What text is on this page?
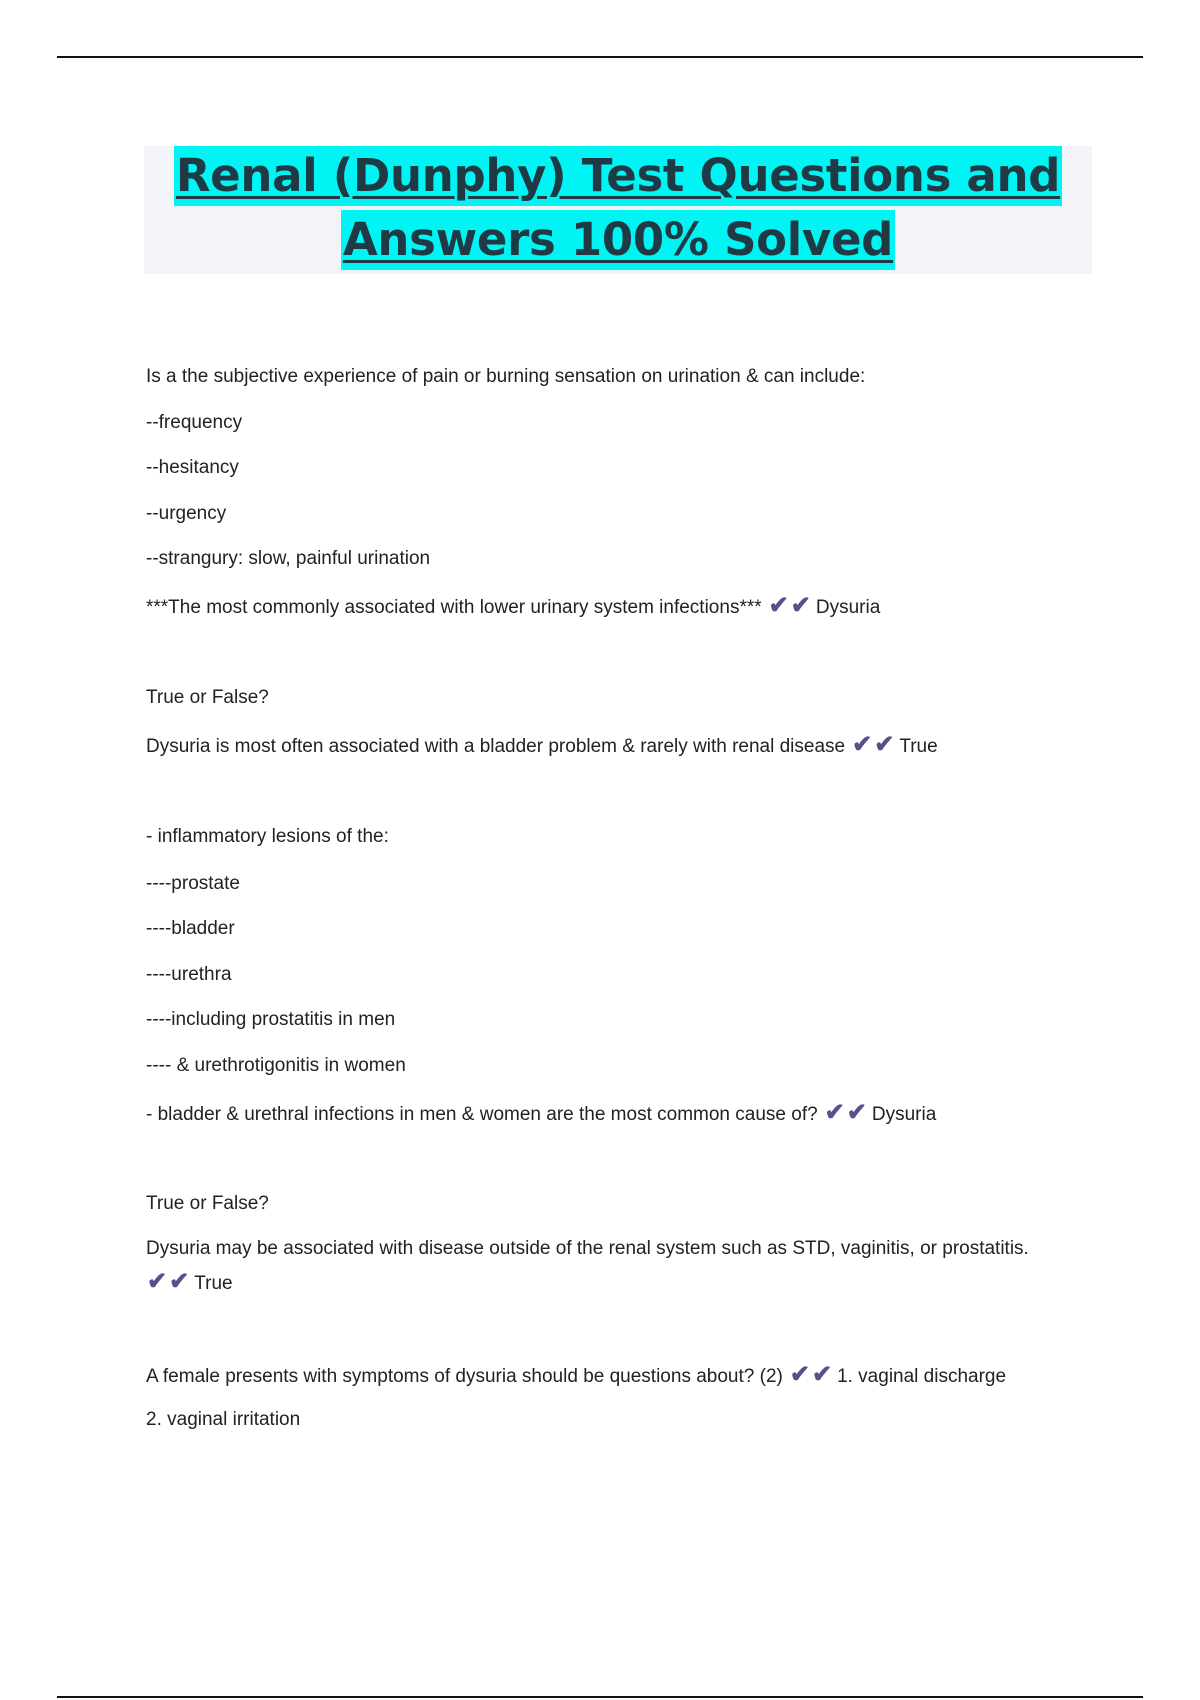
Renal (Dunphy) Test Questions and
Answers 100% Solved
Is a the subjective experience of pain or burning sensation on urination & can include:
--frequency
--hesitancy
--urgency
--strangury: slow, painful urination
***The most commonly associated with lower urinary system infections*** ✔✔ Dysuria
True or False?
Dysuria is most often associated with a bladder problem & rarely with renal disease ✔✔ True
- inflammatory lesions of the:
----prostate
----bladder
----urethra
----including prostatitis in men
---- & urethrotigonitis in women
- bladder & urethral infections in men & women are the most common cause of? ✔✔ Dysuria
True or False?
Dysuria may be associated with disease outside of the renal system such as STD, vaginitis, or prostatitis.
✔✔ True
A female presents with symptoms of dysuria should be questions about? (2) ✔✔ 1. vaginal discharge
2. vaginal irritation
